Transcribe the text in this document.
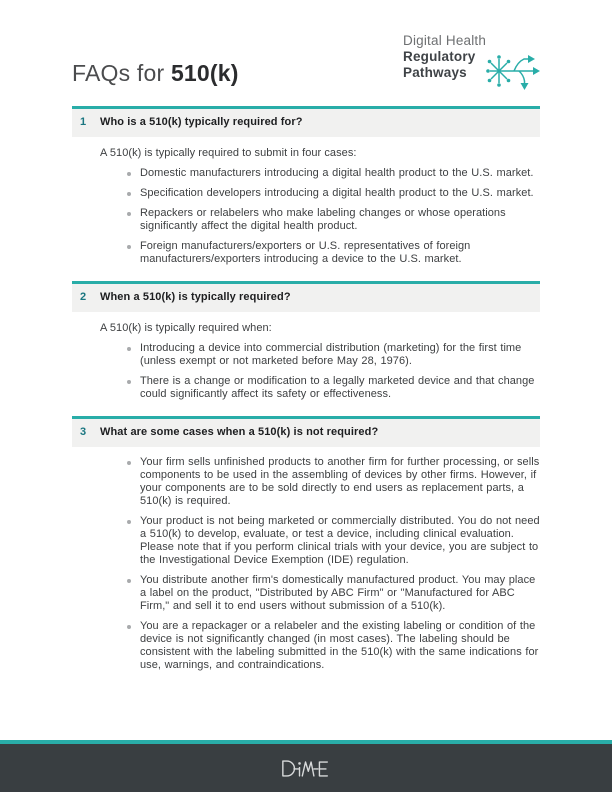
FAQs for 510(k)
Digital Health
Regulatory
Pathways
1	Who is a 510(k) typically required for?

A 510(k) is typically required to submit in four cases:

Domestic manufacturers introducing a digital health product to the U.S. market.
Specification developers introducing a digital health product to the U.S. market.
Repackers or relabelers who make labeling changes or whose operations significantly affect the digital health product.
Foreign manufacturers/exporters or U.S. representatives of foreign manufacturers/exporters introducing a device to the U.S. market.
2	When a 510(k) is typically required?

A 510(k) is typically required when:

Introducing a device into commercial distribution (marketing) for the first time (unless exempt or not marketed before May 28, 1976).
There is a change or modification to a legally marketed device and that change could significantly affect its safety or effectiveness.
3	What are some cases when a 510(k) is not required?
Your firm sells unfinished products to another firm for further processing, or sells components to be used in the assembling of devices by other firms. However, if your components are to be sold directly to end users as replacement parts, a 510(k) is required.
Your product is not being marketed or commercially distributed. You do not need a 510(k) to develop, evaluate, or test a device, including clinical evaluation. Please note that if you perform clinical trials with your device, you are subject to the Investigational Device Exemption (IDE) regulation.
You distribute another firm's domestically manufactured product. You may place a label on the product, "Distributed by ABC Firm" or "Manufactured for ABC Firm," and sell it to end users without submission of a 510(k).
You are a repackager or a relabeler and the existing labeling or condition of the device is not significantly changed (in most cases). The labeling should be consistent with the labeling submitted in the 510(k) with the same indications for use, warnings, and contraindications.
